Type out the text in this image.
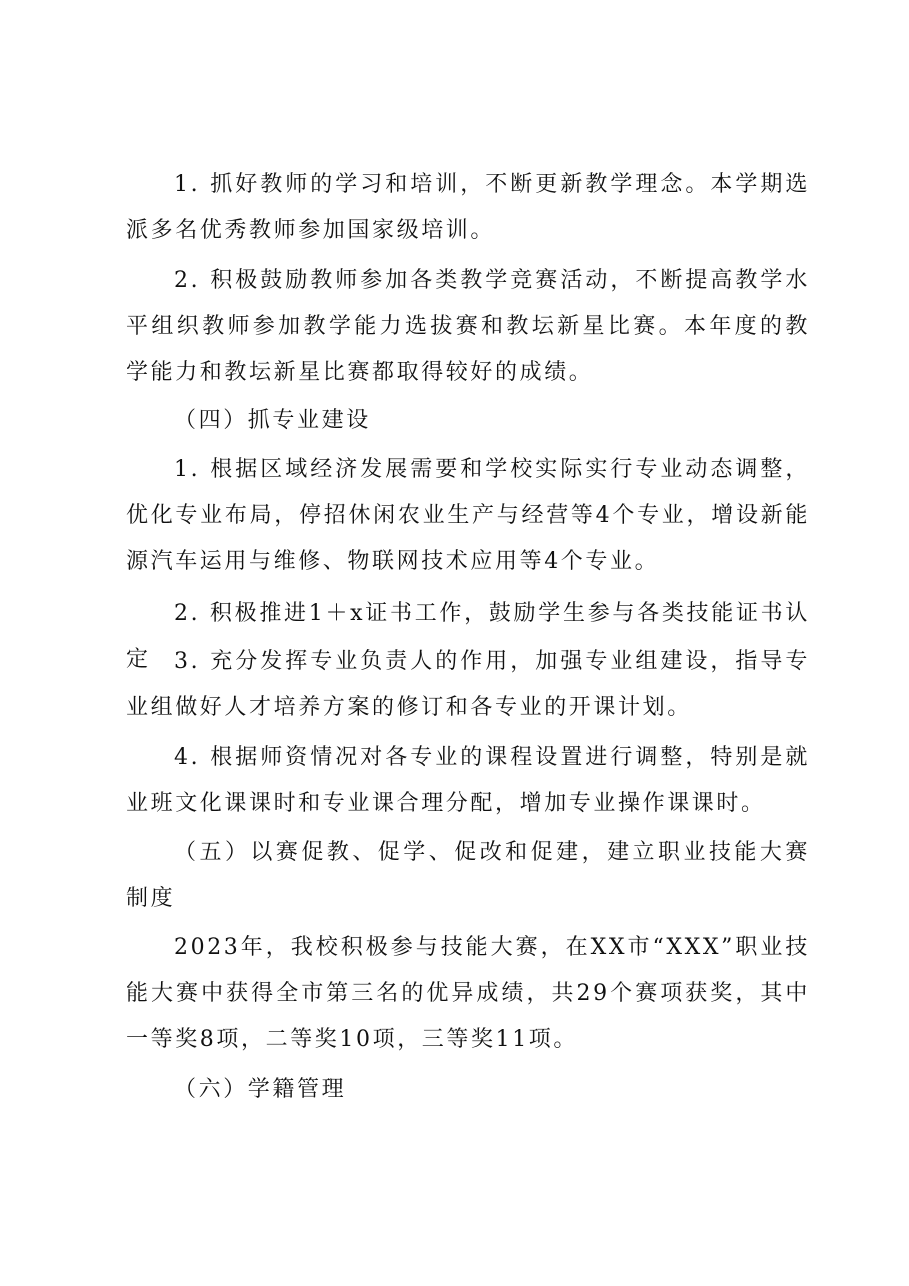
1. 抓好教师的学习和培训，不断更新教学理念。本学期选派多名优秀教师参加国家级培训。

2. 积极鼓励教师参加各类教学竞赛活动，不断提高教学水平组织教师参加教学能力选拔赛和教坛新星比赛。本年度的教学能力和教坛新星比赛都取得较好的成绩。

（四）抓专业建设

1. 根据区域经济发展需要和学校实际实行专业动态调整，优化专业布局，停招休闲农业生产与经营等4个专业，增设新能源汽车运用与维修、物联网技术应用等4个专业。

2. 积极推进1＋x证书工作，鼓励学生参与各类技能证书认定	3. 充分发挥专业负责人的作用，加强专业组建设，指导专业组做好人才培养方案的修订和各专业的开课计划。

4. 根据师资情况对各专业的课程设置进行调整，特别是就业班文化课课时和专业课合理分配，增加专业操作课课时。

（五）以赛促教、促学、促改和促建，建立职业技能大赛制度

2023年，我校积极参与技能大赛，在XX市“XXX”职业技能大赛中获得全市第三名的优异成绩，共29个赛项获奖，其中一等奖8项，二等奖10项，三等奖11项。

（六）学籍管理
